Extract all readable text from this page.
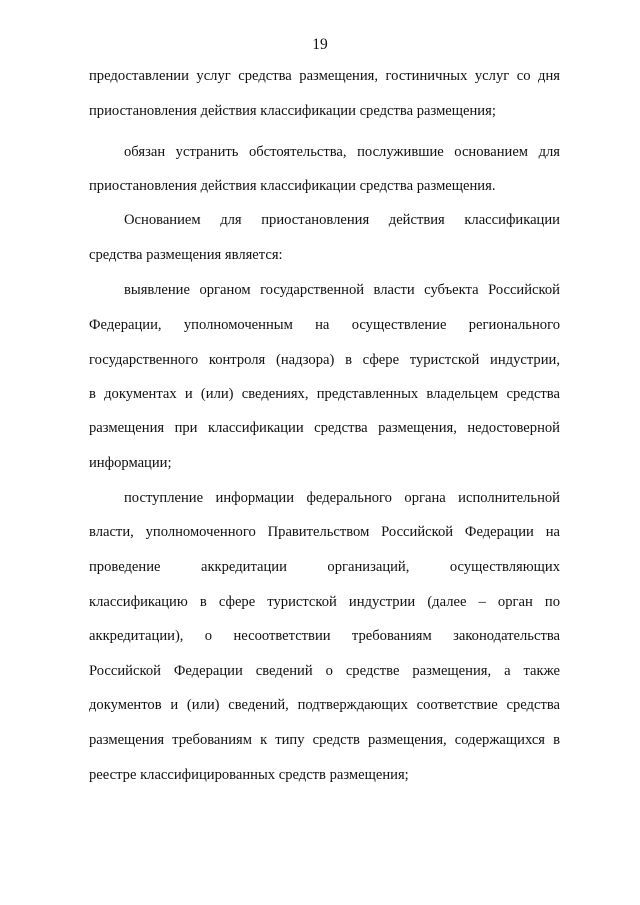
19
предоставлении услуг средства размещения, гостиничных услуг со дня
приостановления действия классификации средства размещения;
обязан устранить обстоятельства, послужившие основанием для
приостановления действия классификации средства размещения.
Основанием для приостановления действия классификации
средства размещения является:
выявление органом государственной власти субъекта Российской
Федерации, уполномоченным на осуществление регионального
государственного контроля (надзора) в сфере туристской индустрии,
в документах и (или) сведениях, представленных владельцем средства
размещения при классификации средства размещения, недостоверной
информации;
поступление информации федерального органа исполнительной
власти, уполномоченного Правительством Российской Федерации на
проведение аккредитации организаций, осуществляющих
классификацию в сфере туристской индустрии (далее – орган по
аккредитации), о несоответствии требованиям законодательства
Российской Федерации сведений о средстве размещения, а также
документов и (или) сведений, подтверждающих соответствие средства
размещения требованиям к типу средств размещения, содержащихся в
реестре классифицированных средств размещения;
